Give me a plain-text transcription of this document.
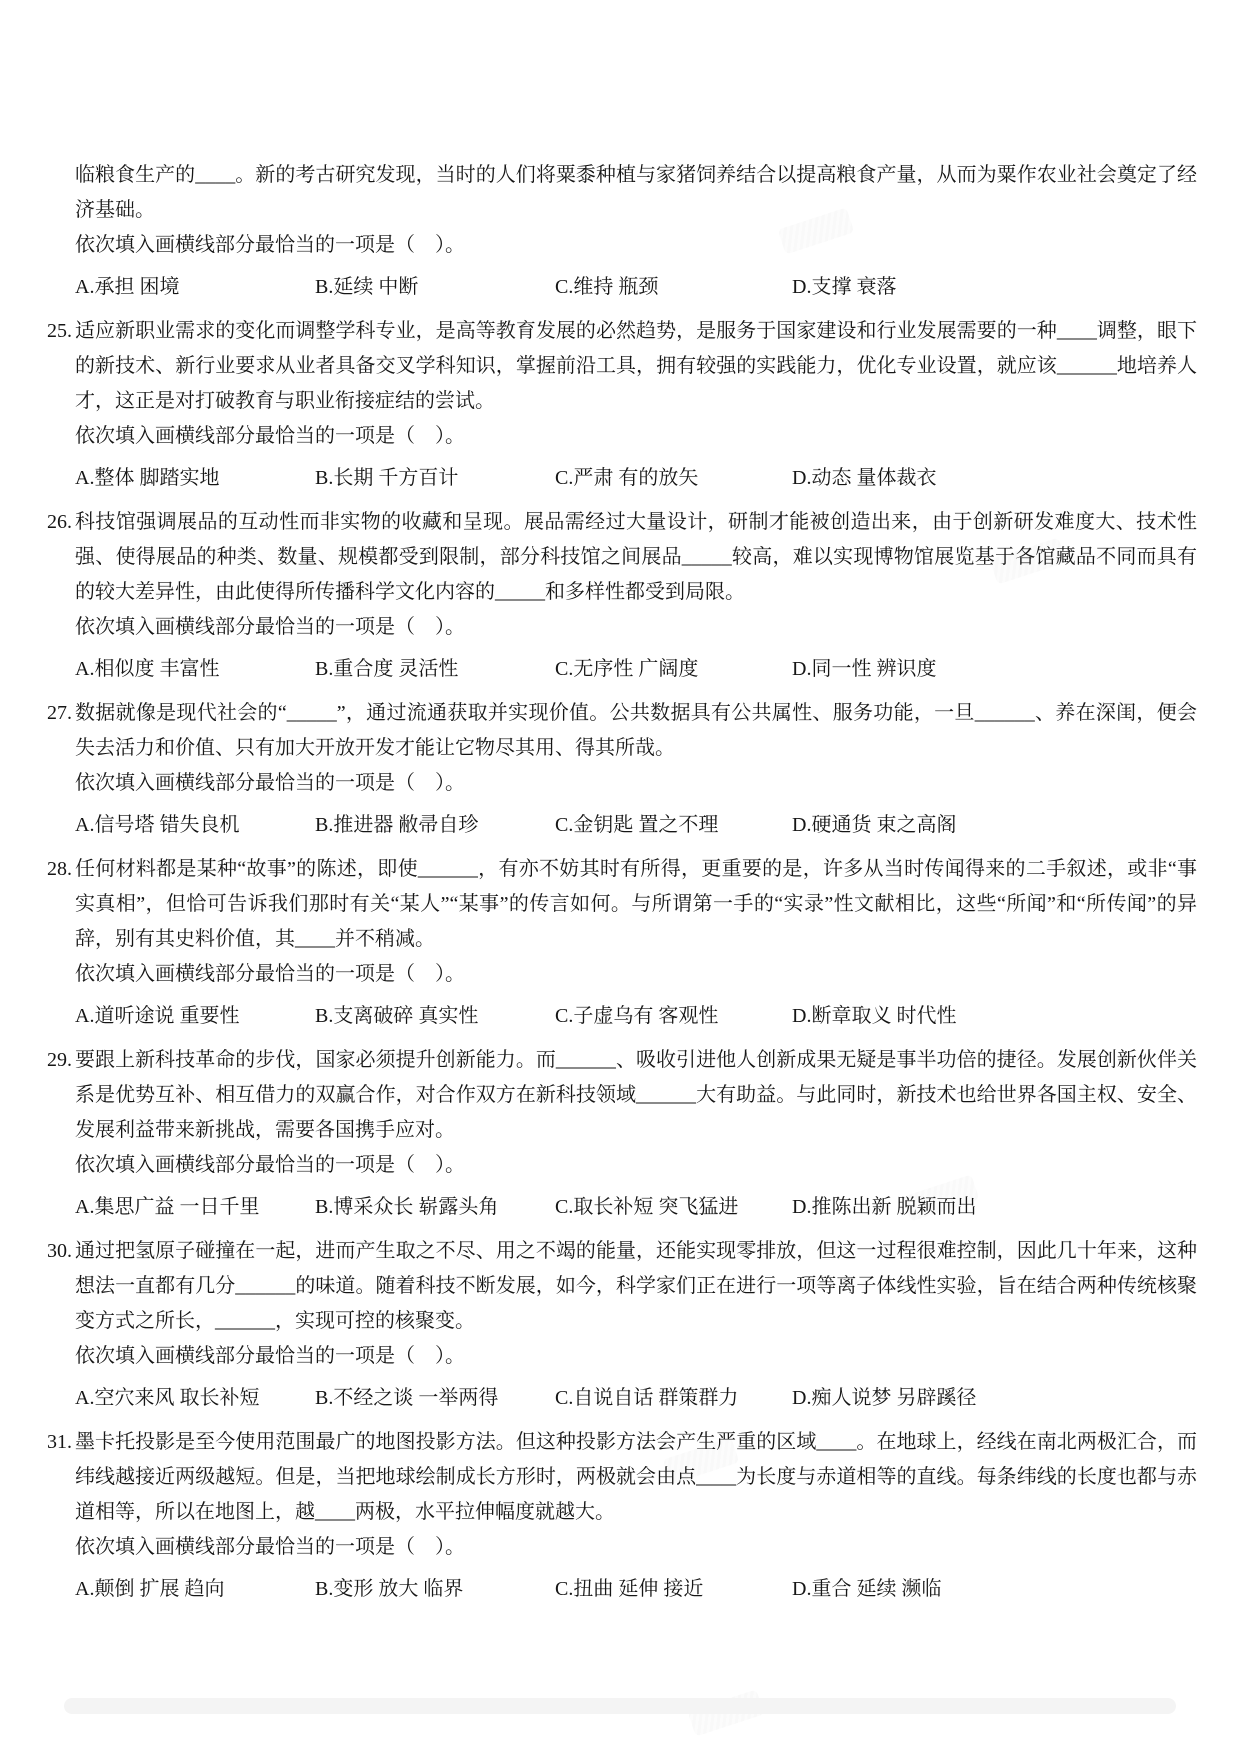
临粮食生产的____。新的考古研究发现，当时的人们将粟黍种植与家猪饲养结合以提高粮食产量，从而为粟作农业社会奠定了经济基础。
依次填入画横线部分最恰当的一项是（　）。
A.承担 困境	B.延续 中断	C.维持 瓶颈	D.支撑 衰落
25. 适应新职业需求的变化而调整学科专业，是高等教育发展的必然趋势，是服务于国家建设和行业发展需要的一种____调整，眼下的新技术、新行业要求从业者具备交叉学科知识，掌握前沿工具，拥有较强的实践能力，优化专业设置，就应该______地培养人才，这正是对打破教育与职业衔接症结的尝试。
依次填入画横线部分最恰当的一项是（　）。
A.整体 脚踏实地	B.长期 千方百计	C.严肃 有的放矢	D.动态 量体裁衣
26. 科技馆强调展品的互动性而非实物的收藏和呈现。展品需经过大量设计，研制才能被创造出来，由于创新研发难度大、技术性强、使得展品的种类、数量、规模都受到限制，部分科技馆之间展品_____较高，难以实现博物馆展览基于各馆藏品不同而具有的较大差异性，由此使得所传播科学文化内容的_____和多样性都受到局限。
依次填入画横线部分最恰当的一项是（　）。
A.相似度 丰富性	B.重合度 灵活性	C.无序性 广阔度	D.同一性 辨识度
27. 数据就像是现代社会的“_____”，通过流通获取并实现价值。公共数据具有公共属性、服务功能，一旦______、养在深闺，便会失去活力和价值、只有加大开放开发才能让它物尽其用、得其所哉。
依次填入画横线部分最恰当的一项是（　）。
A.信号塔 错失良机	B.推进器 敝帚自珍	C.金钥匙 置之不理	D.硬通货 束之高阁
28. 任何材料都是某种“故事”的陈述，即使______，有亦不妨其时有所得，更重要的是，许多从当时传闻得来的二手叙述，或非“事实真相”，但恰可告诉我们那时有关“某人”“某事”的传言如何。与所谓第一手的“实录”性文献相比，这些“所闻”和“所传闻”的异辞，别有其史料价值，其____并不稍减。
依次填入画横线部分最恰当的一项是（　）。
A.道听途说 重要性	B.支离破碎 真实性	C.子虚乌有 客观性	D.断章取义 时代性
29. 要跟上新科技革命的步伐，国家必须提升创新能力。而______、吸收引进他人创新成果无疑是事半功倍的捷径。发展创新伙伴关系是优势互补、相互借力的双赢合作，对合作双方在新科技领域______大有助益。与此同时，新技术也给世界各国主权、安全、发展利益带来新挑战，需要各国携手应对。
依次填入画横线部分最恰当的一项是（　）。
A.集思广益 一日千里	B.博采众长 崭露头角	C.取长补短 突飞猛进	D.推陈出新 脱颖而出
30. 通过把氢原子碰撞在一起，进而产生取之不尽、用之不竭的能量，还能实现零排放，但这一过程很难控制，因此几十年来，这种想法一直都有几分______的味道。随着科技不断发展，如今，科学家们正在进行一项等离子体线性实验，旨在结合两种传统核聚变方式之所长，______，实现可控的核聚变。
依次填入画横线部分最恰当的一项是（　）。
A.空穴来风 取长补短	B.不经之谈 一举两得	C.自说自话 群策群力	D.痴人说梦 另辟蹊径
31. 墨卡托投影是至今使用范围最广的地图投影方法。但这种投影方法会产生严重的区域____。在地球上，经线在南北两极汇合，而纬线越接近两级越短。但是，当把地球绘制成长方形时，两极就会由点____为长度与赤道相等的直线。每条纬线的长度也都与赤道相等，所以在地图上，越____两极，水平拉伸幅度就越大。
依次填入画横线部分最恰当的一项是（　）。
A.颠倒 扩展 趋向	B.变形 放大 临界	C.扭曲 延伸 接近	D.重合 延续 濒临
